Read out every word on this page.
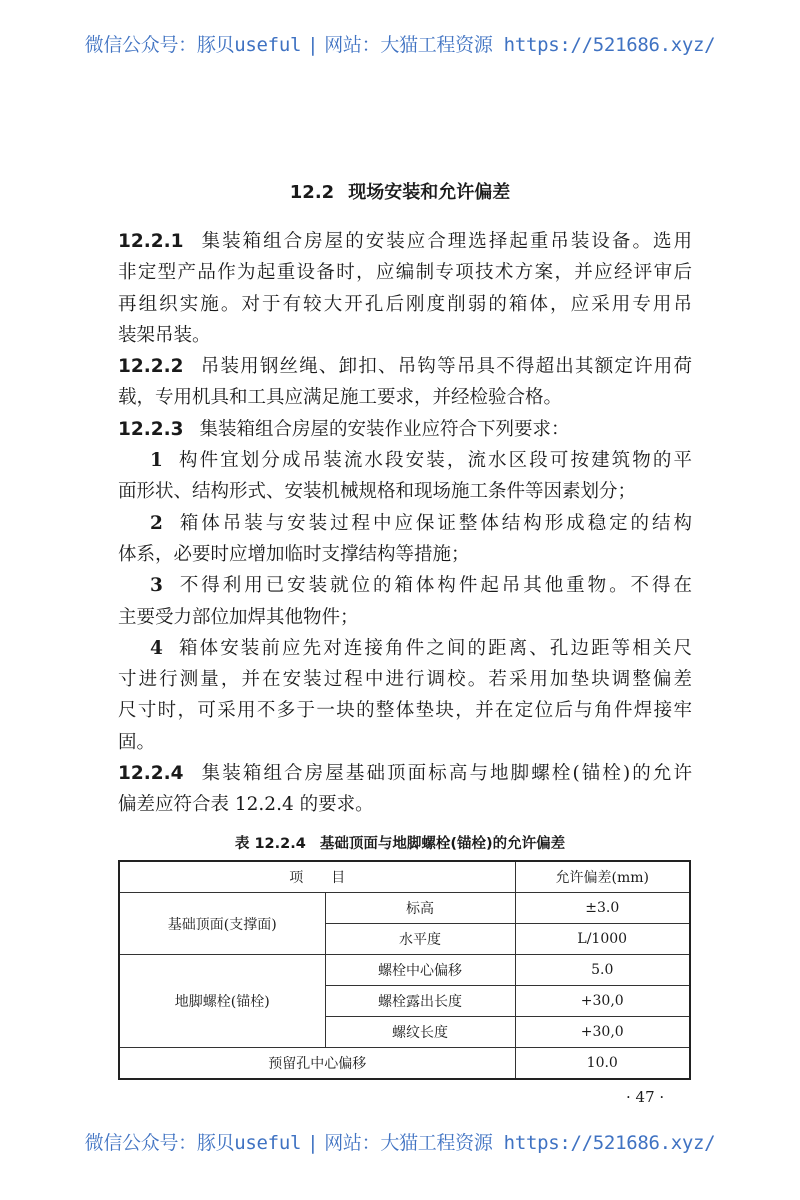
微信公众号：豚贝useful | 网站：大猫工程资源 https://521686.xyz/
12.2 现场安装和允许偏差
12.2.1 集装箱组合房屋的安装应合理选择起重吊装设备。选用
非定型产品作为起重设备时，应编制专项技术方案，并应经评审后
再组织实施。对于有较大开孔后刚度削弱的箱体，应采用专用吊
装架吊装。
12.2.2 吊装用钢丝绳、卸扣、吊钩等吊具不得超出其额定许用荷
载，专用机具和工具应满足施工要求，并经检验合格。
12.2.3 集装箱组合房屋的安装作业应符合下列要求：
1 构件宜划分成吊装流水段安装，流水区段可按建筑物的平
面形状、结构形式、安装机械规格和现场施工条件等因素划分；
2 箱体吊装与安装过程中应保证整体结构形成稳定的结构
体系，必要时应增加临时支撑结构等措施；
3 不得利用已安装就位的箱体构件起吊其他重物。不得在
主要受力部位加焊其他物件；
4 箱体安装前应先对连接角件之间的距离、孔边距等相关尺
寸进行测量，并在安装过程中进行调校。若采用加垫块调整偏差
尺寸时，可采用不多于一块的整体垫块，并在定位后与角件焊接牢
固。
12.2.4 集装箱组合房屋基础顶面标高与地脚螺栓(锚栓)的允许
偏差应符合表 12.2.4 的要求。
表 12.2.4 基础顶面与地脚螺栓(锚栓)的允许偏差
项　　目		允许偏差(mm)
基础顶面(支撑面)	标高	±3.0
	水平度	L/1000
地脚螺栓(锚栓)	螺栓中心偏移	5.0
	螺栓露出长度	+30,0
	螺纹长度	+30,0
预留孔中心偏移		10.0
· 47 ·
微信公众号：豚贝useful | 网站：大猫工程资源 https://521686.xyz/
